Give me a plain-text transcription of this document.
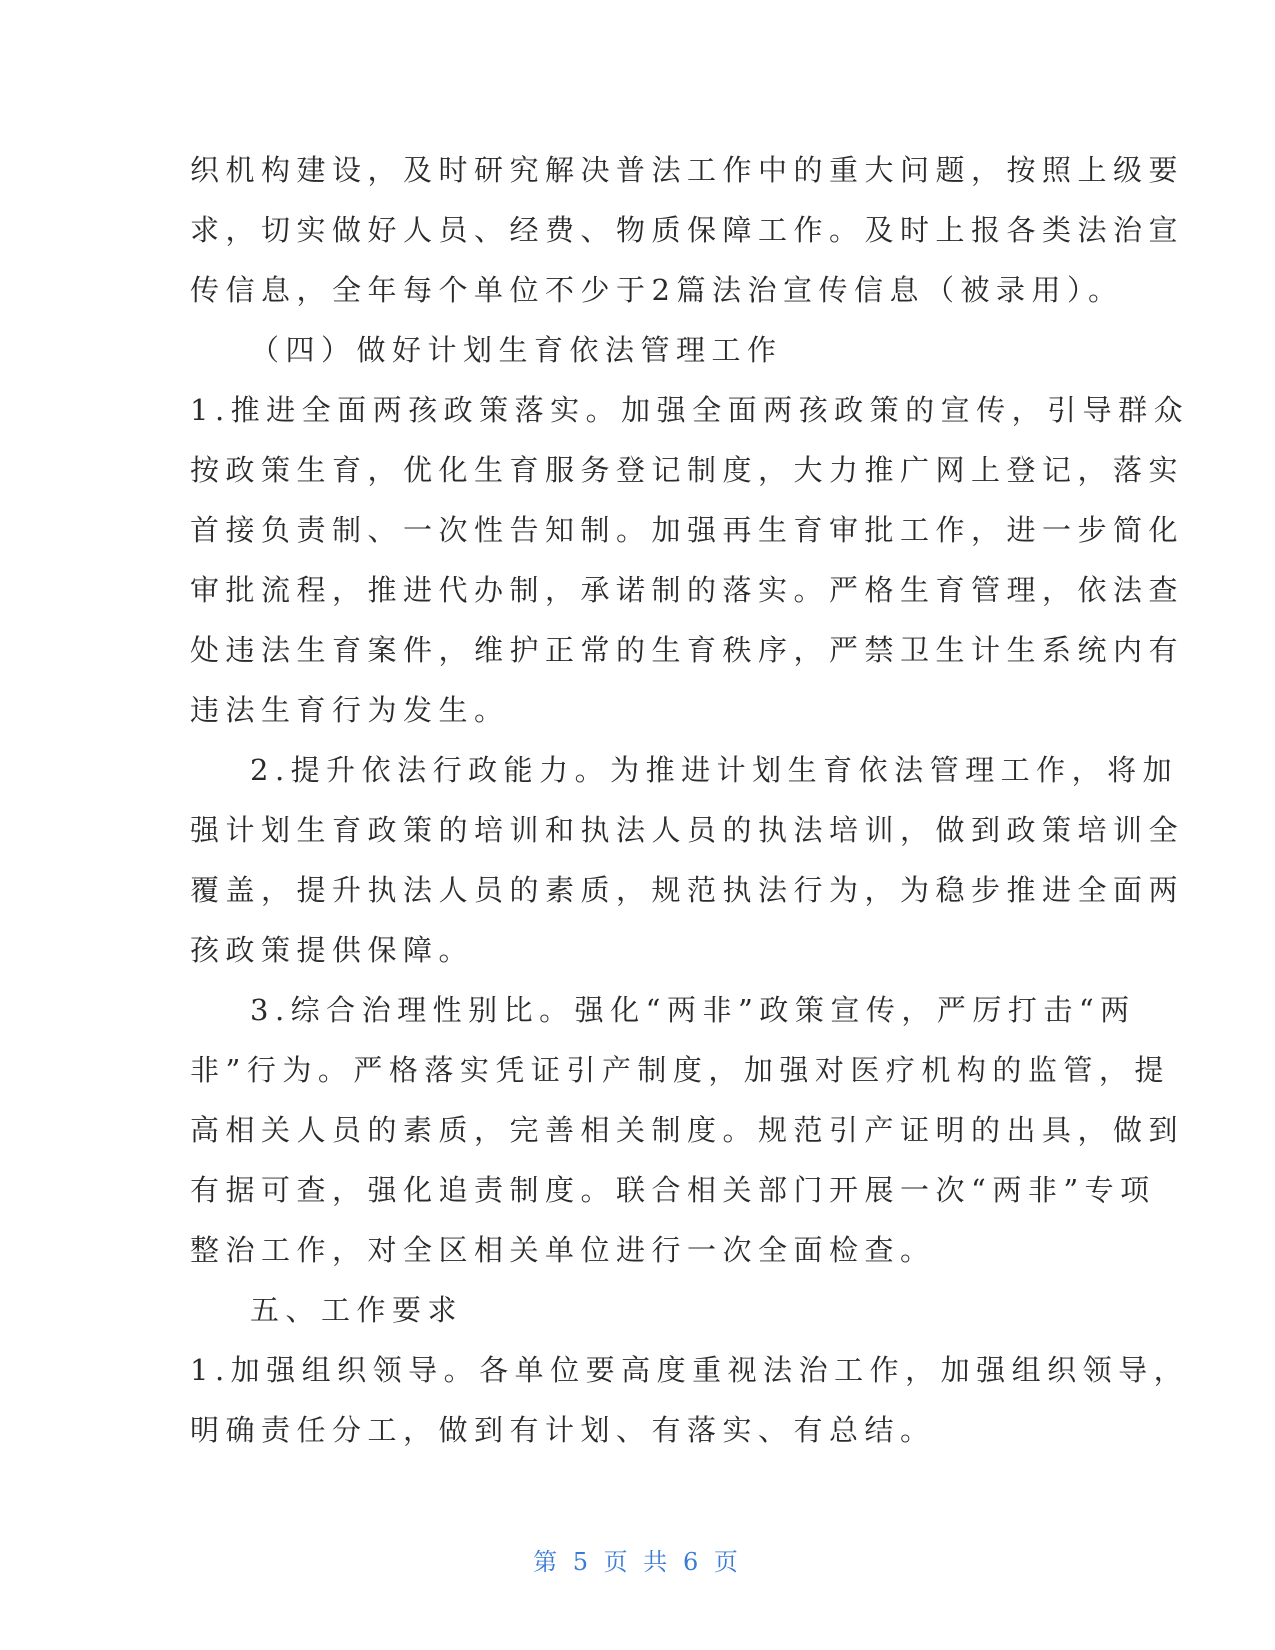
织机构建设，及时研究解决普法工作中的重大问题，按照上级要
求，切实做好人员、经费、物质保障工作。及时上报各类法治宣
传信息，全年每个单位不少于2篇法治宣传信息（被录用）。
（四）做好计划生育依法管理工作
1.推进全面两孩政策落实。加强全面两孩政策的宣传，引导群众
按政策生育，优化生育服务登记制度，大力推广网上登记，落实
首接负责制、一次性告知制。加强再生育审批工作，进一步简化
审批流程，推进代办制，承诺制的落实。严格生育管理，依法查
处违法生育案件，维护正常的生育秩序，严禁卫生计生系统内有
违法生育行为发生。
2.提升依法行政能力。为推进计划生育依法管理工作，将加
强计划生育政策的培训和执法人员的执法培训，做到政策培训全
覆盖，提升执法人员的素质，规范执法行为，为稳步推进全面两
孩政策提供保障。
3.综合治理性别比。强化“两非”政策宣传，严厉打击“两
非”行为。严格落实凭证引产制度，加强对医疗机构的监管，提
高相关人员的素质，完善相关制度。规范引产证明的出具，做到
有据可查，强化追责制度。联合相关部门开展一次“两非”专项
整治工作，对全区相关单位进行一次全面检查。
五、工作要求
1.加强组织领导。各单位要高度重视法治工作，加强组织领导，
明确责任分工，做到有计划、有落实、有总结。
第 5 页 共 6 页
